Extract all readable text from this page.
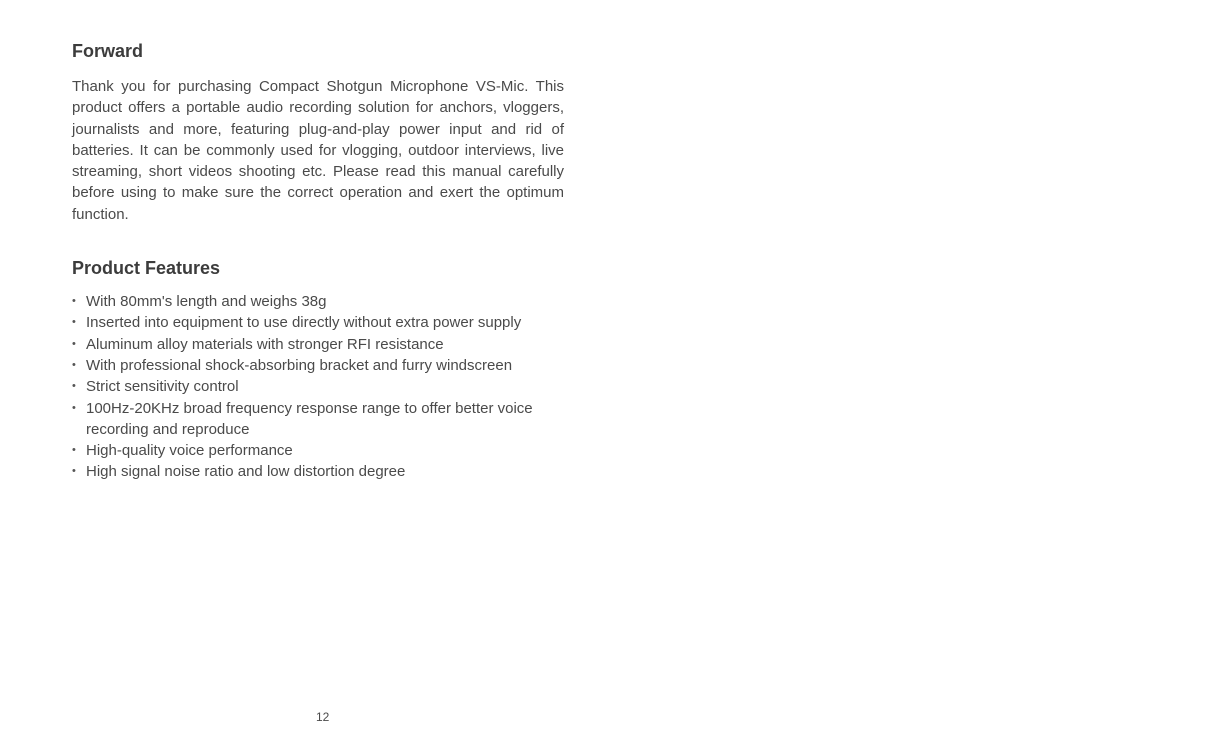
Forward

Thank you for purchasing Compact Shotgun Microphone VS-Mic. This product offers a portable audio recording solution for anchors, vloggers, journalists and more, featuring plug-and-play power input and rid of batteries. It can be commonly used for vlogging, outdoor interviews, live streaming, short videos shooting etc. Please read this manual carefully before using to make sure the correct operation and exert the optimum function.

Product Features
• With 80mm's length and weighs 38g
• Inserted into equipment to use directly without extra power supply
• Aluminum alloy materials with stronger RFI resistance
• With professional shock-absorbing bracket and furry windscreen
• Strict sensitivity control
• 100Hz-20KHz broad frequency response range to offer better voice recording and reproduce
• High-quality voice performance
• High signal noise ratio and low distortion degree
12
